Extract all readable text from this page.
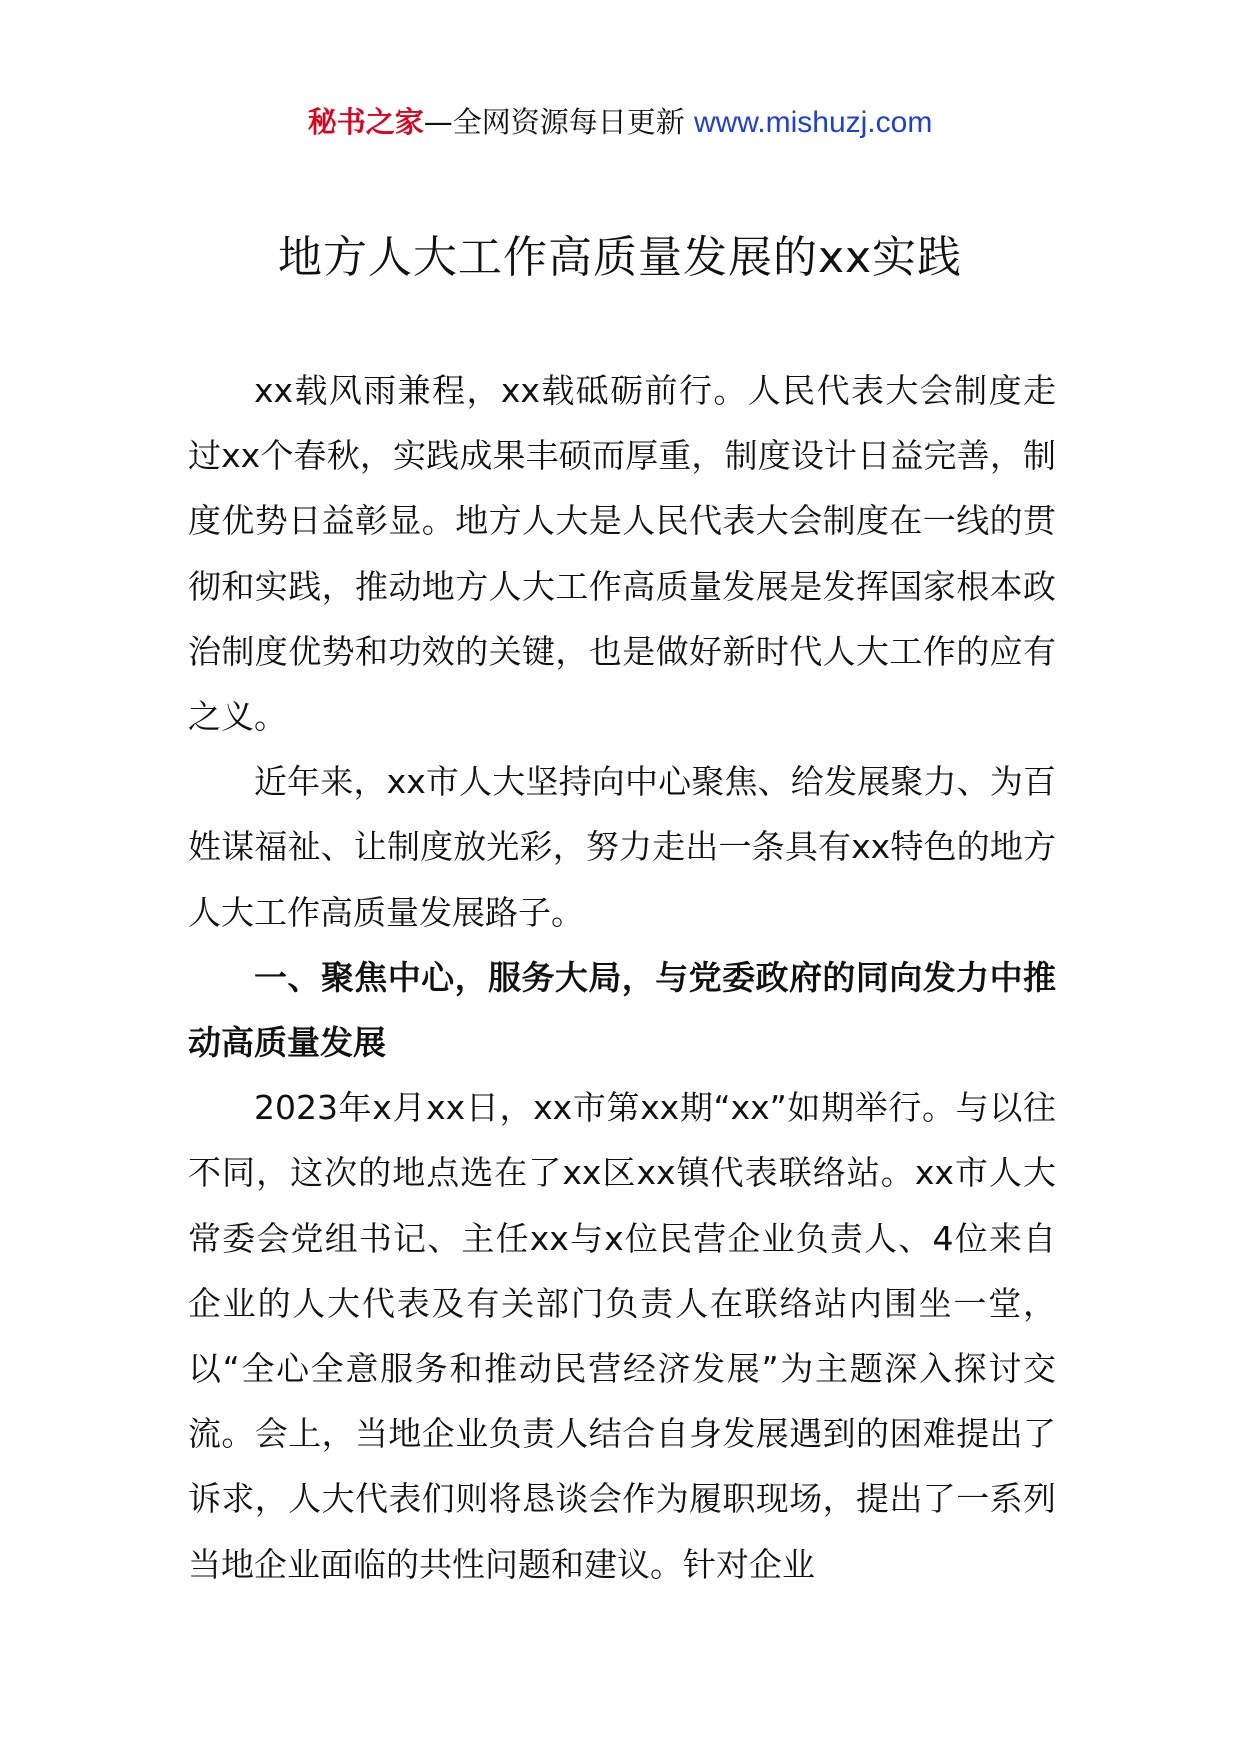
秘书之家—全网资源每日更新 www.mishuzj.com
地方人大工作高质量发展的xx实践

xx载风雨兼程，xx载砥砺前行。人民代表大会制度走过xx个春秋，实践成果丰硕而厚重，制度设计日益完善，制度优势日益彰显。地方人大是人民代表大会制度在一线的贯彻和实践，推动地方人大工作高质量发展是发挥国家根本政治制度优势和功效的关键，也是做好新时代人大工作的应有之义。

近年来，xx市人大坚持向中心聚焦、给发展聚力、为百姓谋福祉、让制度放光彩，努力走出一条具有xx特色的地方人大工作高质量发展路子。

一、聚焦中心，服务大局，与党委政府的同向发力中推动高质量发展

2023年x月xx日，xx市第xx期“xx”如期举行。与以往不同，这次的地点选在了xx区xx镇代表联络站。xx市人大常委会党组书记、主任xx与x位民营企业负责人、4位来自企业的人大代表及有关部门负责人在联络站内围坐一堂，以“全心全意服务和推动民营经济发展”为主题深入探讨交流。会上，当地企业负责人结合自身发展遇到的困难提出了诉求，人大代表们则将恳谈会作为履职现场，提出了一系列当地企业面临的共性问题和建议。针对企业
